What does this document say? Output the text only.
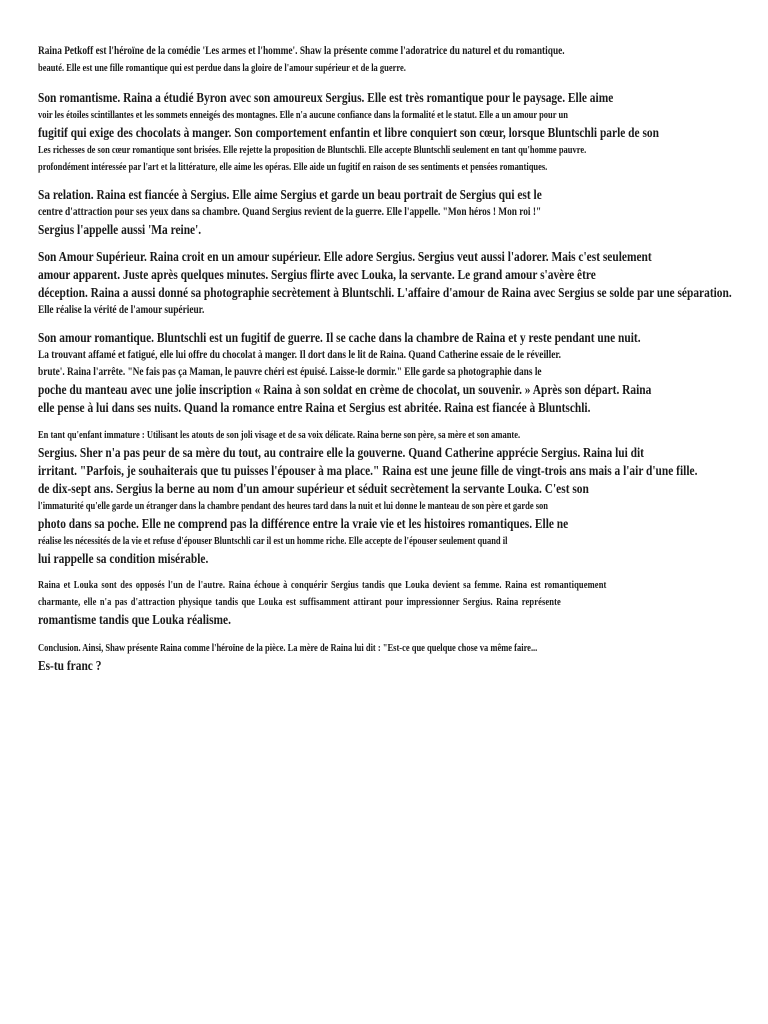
Raina Petkoff est l'héroïne de la comédie 'Les armes et l'homme'. Shaw la présente comme l'adoratrice du naturel et du romantique.
beauté. Elle est une fille romantique qui est perdue dans la gloire de l'amour supérieur et de la guerre.
Son romantisme. Raina a étudié Byron avec son amoureux Sergius. Elle est très romantique pour le paysage. Elle aime
voir les étoiles scintillantes et les sommets enneigés des montagnes. Elle n'a aucune confiance dans la formalité et le statut. Elle a un amour pour un
fugitif qui exige des chocolats à manger. Son comportement enfantin et libre conquiert son cœur, lorsque Bluntschli parle de son
Les richesses de son cœur romantique sont brisées. Elle rejette la proposition de Bluntschli. Elle accepte Bluntschli seulement en tant qu'homme pauvre.
profondément intéressée par l'art et la littérature, elle aime les opéras. Elle aide un fugitif en raison de ses sentiments et pensées romantiques.
Sa relation. Raina est fiancée à Sergius. Elle aime Sergius et garde un beau portrait de Sergius qui est le
centre d'attraction pour ses yeux dans sa chambre. Quand Sergius revient de la guerre. Elle l'appelle. "Mon héros ! Mon roi !"
Sergius l'appelle aussi 'Ma reine'.
Son Amour Supérieur. Raina croit en un amour supérieur. Elle adore Sergius. Sergius veut aussi l'adorer. Mais c'est seulement
amour apparent. Juste après quelques minutes. Sergius flirte avec Louka, la servante. Le grand amour s'avère être
déception. Raina a aussi donné sa photographie secrètement à Bluntschli. L'affaire d'amour de Raina avec Sergius se solde par une séparation.
Elle réalise la vérité de l'amour supérieur.
Son amour romantique. Bluntschli est un fugitif de guerre. Il se cache dans la chambre de Raina et y reste pendant une nuit.
La trouvant affamé et fatigué, elle lui offre du chocolat à manger. Il dort dans le lit de Raina. Quand Catherine essaie de le réveiller.
brute'. Raina l'arrête. "Ne fais pas ça Maman, le pauvre chéri est épuisé. Laisse-le dormir." Elle garde sa photographie dans le
poche du manteau avec une jolie inscription « Raina à son soldat en crème de chocolat, un souvenir. » Après son départ. Raina
elle pense à lui dans ses nuits. Quand la romance entre Raina et Sergius est abritée. Raina est fiancée à Bluntschli.
En tant qu'enfant immature : Utilisant les atouts de son joli visage et de sa voix délicate. Raina berne son père, sa mère et son amante.
Sergius. Sher n'a pas peur de sa mère du tout, au contraire elle la gouverne. Quand Catherine apprécie Sergius. Raina lui dit
irritant. "Parfois, je souhaiterais que tu puisses l'épouser à ma place." Raina est une jeune fille de vingt-trois ans mais a l'air d'une fille.
de dix-sept ans. Sergius la berne au nom d'un amour supérieur et séduit secrètement la servante Louka. C'est son
l'immaturité qu'elle garde un étranger dans la chambre pendant des heures tard dans la nuit et lui donne le manteau de son père et garde son
photo dans sa poche. Elle ne comprend pas la différence entre la vraie vie et les histoires romantiques. Elle ne
réalise les nécessités de la vie et refuse d'épouser Bluntschli car il est un homme riche. Elle accepte de l'épouser seulement quand il
lui rappelle sa condition misérable.
Raina et Louka sont des opposés l'un de l'autre. Raina échoue à conquérir Sergius tandis que Louka devient sa femme. Raina est romantiquement
charmante, elle n'a pas d'attraction physique tandis que Louka est suffisamment attirant pour impressionner Sergius. Raina représente
romantisme tandis que Louka réalisme.
Conclusion. Ainsi, Shaw présente Raina comme l'héroïne de la pièce. La mère de Raina lui dit : "Est-ce que quelque chose va même faire...
Es-tu franc ?
